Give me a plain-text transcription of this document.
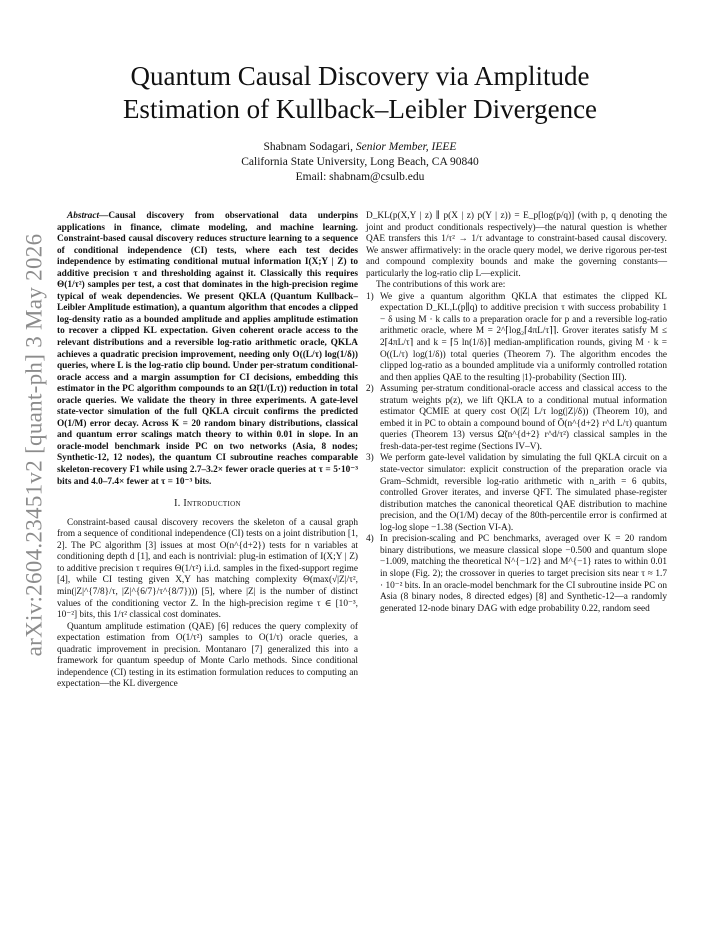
arXiv:2604.23451v2 [quant-ph] 3 May 2026
Quantum Causal Discovery via Amplitude
Estimation of Kullback–Leibler Divergence
Shabnam Sodagari, Senior Member, IEEE
California State University, Long Beach, CA 90840
Email: shabnam@csulb.edu

Abstract—Causal discovery from observational data underpins applications in finance, climate modeling, and machine learning. Constraint-based causal discovery reduces structure learning to a sequence of conditional independence (CI) tests, where each test decides independence by estimating conditional mutual information I(X;Y | Z) to additive precision τ and thresholding against it. Classically this requires Θ(1/τ²) samples per test, a cost that dominates in the high-precision regime typical of weak dependencies. We present QKLA (Quantum Kullback–Leibler Amplitude estimation), a quantum algorithm that encodes a clipped log-density ratio as a bounded amplitude and applies amplitude estimation to recover a clipped KL expectation. Given coherent oracle access to the relevant distributions and a reversible log-ratio arithmetic oracle, QKLA achieves a quadratic precision improvement, needing only O((L/τ) log(1/δ)) queries, where L is the log-ratio clip bound. Under per-stratum conditional-oracle access and a margin assumption for CI decisions, embedding this estimator in the PC algorithm compounds to an Ω̃(1/(Lτ)) reduction in total oracle queries. We validate the theory in three experiments. A gate-level state-vector simulation of the full QKLA circuit confirms the predicted O(1/M) error decay. Across K = 20 random binary distributions, classical and quantum error scalings match theory to within 0.01 in slope. In an oracle-model benchmark inside PC on two networks (Asia, 8 nodes; Synthetic-12, 12 nodes), the quantum CI subroutine reaches comparable skeleton-recovery F1 while using 2.7–3.2× fewer oracle queries at τ = 5·10⁻³ bits and 4.0–7.4× fewer at τ = 10⁻³ bits.

I. Introduction

Constraint-based causal discovery recovers the skeleton of a causal graph from a sequence of conditional independence (CI) tests on a joint distribution [1, 2]. The PC algorithm [3] issues at most O(n^{d+2}) tests for n variables at conditioning depth d [1], and each is nontrivial: plug-in estimation of I(X;Y | Z) to additive precision τ requires Θ(1/τ²) i.i.d. samples in the fixed-support regime [4], while CI testing given X,Y has matching complexity Θ(max(√|Z|/τ², min(|Z|^{7/8}/τ, |Z|^{6/7}/τ^{8/7}))) [5], where |Z| is the number of distinct values of the conditioning vector Z. In the high-precision regime τ ∈ [10⁻³, 10⁻²] bits, this 1/τ² classical cost dominates.

Quantum amplitude estimation (QAE) [6] reduces the query complexity of expectation estimation from O(1/τ²) samples to O(1/τ) oracle queries, a quadratic improvement in precision. Montanaro [7] generalized this into a framework for quantum speedup of Monte Carlo methods. Since conditional independence (CI) testing in its estimation formulation reduces to computing an expectation—the KL divergence

D_KL(p(X,Y | z) ∥ p(X | z) p(Y | z)) = E_p[log(p/q)] (with p, q denoting the joint and product conditionals respectively)—the natural question is whether QAE transfers this 1/τ² → 1/τ advantage to constraint-based causal discovery. We answer affirmatively: in the oracle query model, we derive rigorous per-test and compound complexity bounds and make the governing constants—particularly the log-ratio clip L—explicit.

The contributions of this work are:

1) We give a quantum algorithm QKLA that estimates the clipped KL expectation D_KL,L(p∥q) to additive precision τ with success probability 1 − δ using M · k calls to a preparation oracle for p and a reversible log-ratio arithmetic oracle, where M = 2^⌈log₂⌈4πL/τ⌉⌉. Grover iterates satisfy M ≤ 2⌈4πL/τ⌉ and k = ⌈5 ln(1/δ)⌉ median-amplification rounds, giving M · k = O((L/τ) log(1/δ)) total queries (Theorem 7). The algorithm encodes the clipped log-ratio as a bounded amplitude via a uniformly controlled rotation and then applies QAE to the resulting |1⟩-probability (Section III).
2) Assuming per-stratum conditional-oracle access and classical access to the stratum weights p(z), we lift QKLA to a conditional mutual information estimator QCMIE at query cost O(|Z| L/τ log(|Z|/δ)) (Theorem 10), and embed it in PC to obtain a compound bound of Õ(n^{d+2} r^d L/τ) quantum queries (Theorem 13) versus Ω̃(n^{d+2} r^d/τ²) classical samples in the fresh-data-per-test regime (Sections IV–V).
3) We perform gate-level validation by simulating the full QKLA circuit on a state-vector simulator: explicit construction of the preparation oracle via Gram–Schmidt, reversible log-ratio arithmetic with n_arith = 6 qubits, controlled Grover iterates, and inverse QFT. The simulated phase-register distribution matches the canonical theoretical QAE distribution to machine precision, and the O(1/M) decay of the 80th-percentile error is confirmed at log-log slope −1.38 (Section VI-A).
4) In precision-scaling and PC benchmarks, averaged over K = 20 random binary distributions, we measure classical slope −0.500 and quantum slope −1.009, matching the theoretical N^{−1/2} and M^{−1} rates to within 0.01 in slope (Fig. 2); the crossover in queries to target precision sits near τ ≈ 1.7 · 10⁻² bits. In an oracle-model benchmark for the CI subroutine inside PC on Asia (8 binary nodes, 8 directed edges) [8] and Synthetic-12—a randomly generated 12-node binary DAG with edge probability 0.22, random seed
